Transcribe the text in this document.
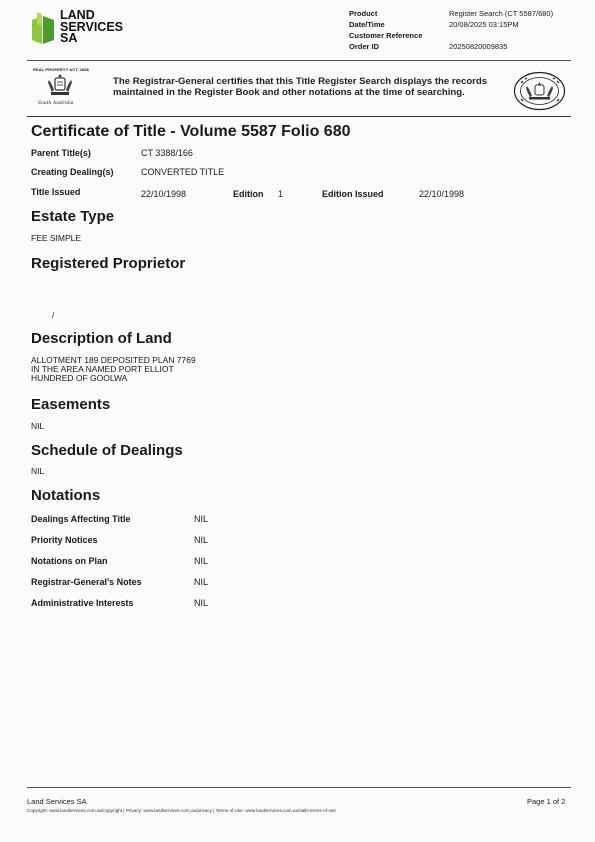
LAND
SERVICES
SA
Product	Register Search (CT 5587/680)
Date/Time	20/08/2025 03:15PM
Customer Reference
Order ID	20250820009835
REAL PROPERTY ACT, 1886
South Australia
The Registrar-General certifies that this Title Register Search displays the records maintained in the Register Book and other notations at the time of searching.
Certificate of Title - Volume 5587 Folio 680
Parent Title(s)	CT 3388/166
Creating Dealing(s)	CONVERTED TITLE
Title Issued	22/10/1998	Edition 1	Edition Issued	22/10/1998
Estate Type
FEE SIMPLE
Registered Proprietor
/
Description of Land
ALLOTMENT 189 DEPOSITED PLAN 7769
IN THE AREA NAMED PORT ELLIOT
HUNDRED OF GOOLWA
Easements
NIL
Schedule of Dealings
NIL
Notations
Dealings Affecting Title	NIL
Priority Notices	NIL
Notations on Plan	NIL
Registrar-General's Notes	NIL
Administrative Interests	NIL
Land Services SA	Page 1 of 2
Copyright: www.landservices.com.au/copyright | Privacy: www.landservices.com.au/privacy | Terms of Use: www.landservices.com.au/sails-terms-of-use
